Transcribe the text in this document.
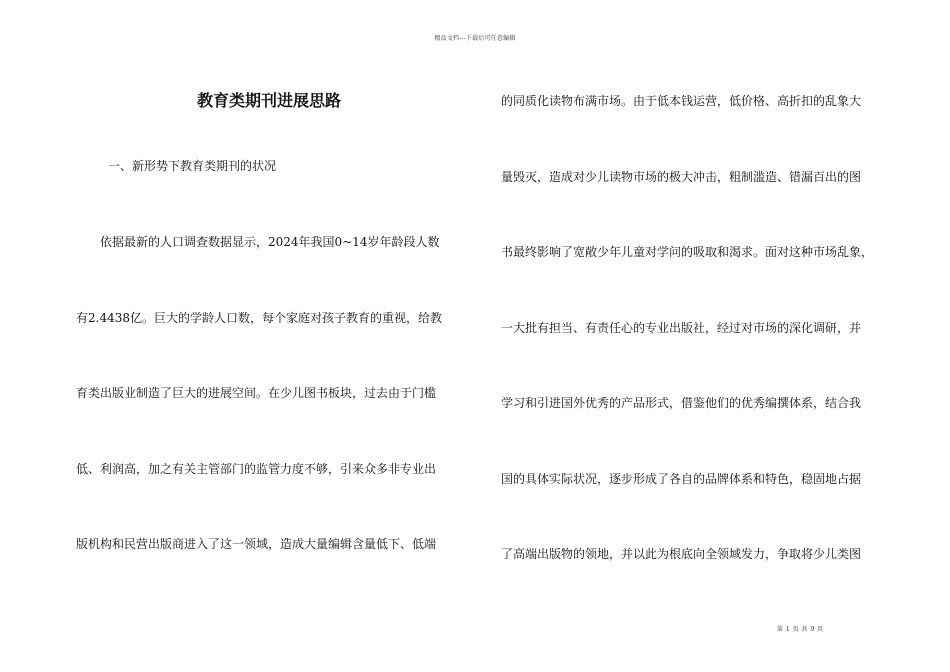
精品文档---下载后可任意编辑
教育类期刊进展思路

一、新形势下教育类期刊的状况

依据最新的人口调查数据显示，2024年我国0~14岁年龄段人数
有2.4438亿。巨大的学龄人口数，每个家庭对孩子教育的重视，给教
育类出版业制造了巨大的进展空间。在少儿图书板块，过去由于门槛
低、利润高，加之有关主管部门的监管力度不够，引来众多非专业出
版机构和民营出版商进入了这一领域，造成大量编辑含量低下、低端
的同质化读物布满市场。由于低本钱运营，低价格、高折扣的乱象大
量毁灭，造成对少儿读物市场的极大冲击，粗制滥造、错漏百出的图
书最终影响了宽敞少年儿童对学问的吸取和渴求。面对这种市场乱象，
一大批有担当、有责任心的专业出版社，经过对市场的深化调研，并
学习和引进国外优秀的产品形式，借鉴他们的优秀编撰体系，结合我
国的具体实际状况，逐步形成了各自的品牌体系和特色，稳固地占据
了高端出版物的领地，并以此为根底向全领域发力，争取将少儿类图
第 1 页 共 9 页
